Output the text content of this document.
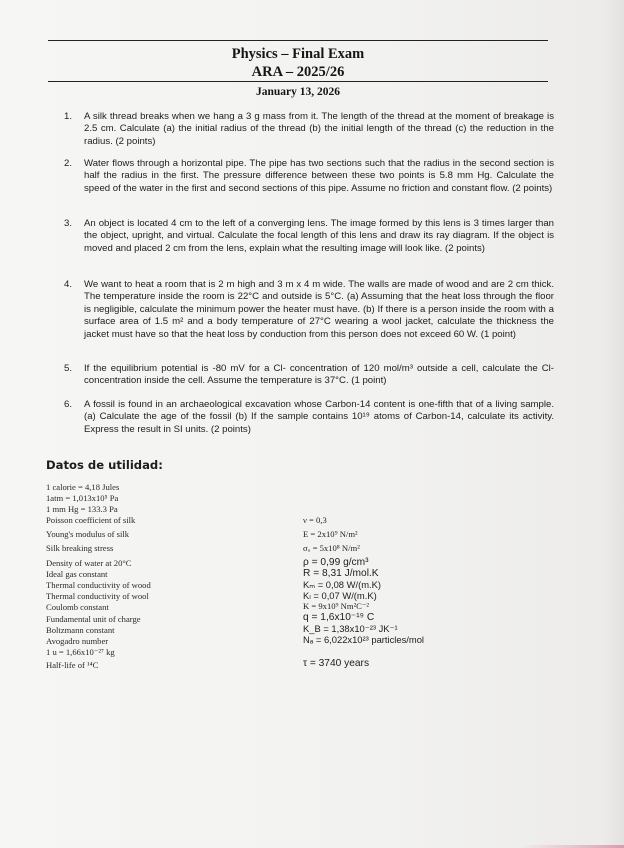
Physics – Final Exam
ARA – 2025/26
January 13, 2026
1.	A silk thread breaks when we hang a 3 g mass from it. The length of the thread at the moment of breakage is 2.5 cm. Calculate (a) the initial radius of the thread (b) the initial length of the thread (c) the reduction in the radius. (2 points)
2.	Water flows through a horizontal pipe. The pipe has two sections such that the radius in the second section is half the radius in the first. The pressure difference between these two points is 5.8 mm Hg. Calculate the speed of the water in the first and second sections of this pipe. Assume no friction and constant flow. (2 points)
3.	An object is located 4 cm to the left of a converging lens. The image formed by this lens is 3 times larger than the object, upright, and virtual. Calculate the focal length of this lens and draw its ray diagram. If the object is moved and placed 2 cm from the lens, explain what the resulting image will look like. (2 points)
4.	We want to heat a room that is 2 m high and 3 m x 4 m wide. The walls are made of wood and are 2 cm thick. The temperature inside the room is 22°C and outside is 5°C. (a) Assuming that the heat loss through the floor is negligible, calculate the minimum power the heater must have. (b) If there is a person inside the room with a surface area of 1.5 m² and a body temperature of 27°C wearing a wool jacket, calculate the thickness the jacket must have so that the heat loss by conduction from this person does not exceed 60 W. (1 point)
5.	If the equilibrium potential is -80 mV for a Cl- concentration of 120 mol/m³ outside a cell, calculate the Cl- concentration inside the cell. Assume the temperature is 37°C. (1 point)
6.	A fossil is found in an archaeological excavation whose Carbon-14 content is one-fifth that of a living sample. (a) Calculate the age of the fossil (b) If the sample contains 10¹⁹ atoms of Carbon-14, calculate its activity. Express the result in SI units. (2 points)
Datos de utilidad:
1 calorie = 4,18 Jules
1atm = 1,013x10⁵ Pa
1 mm Hg = 133.3 Pa
Poisson coefficient of silk	ν = 0,3
Young's modulus of silk	E = 2x10⁹ N/m²
Silk breaking stress	σᵤ = 5x10⁸ N/m²
Density of water at 20°C	ρ = 0,99 g/cm³
Ideal gas constant	R = 8,31 J/mol.K
Thermal conductivity of wood	Kₘ = 0,08 W/(m.K)
Thermal conductivity of wool	Kₗ = 0,07 W/(m.K)
Coulomb constant	K = 9x10⁹ Nm²C⁻²
Fundamental unit of charge	q = 1,6x10⁻¹⁹ C
Boltzmann constant	K_B = 1,38x10⁻²³ JK⁻¹
Avogadro number	Nₐ = 6,022x10²³ particles/mol
1 u = 1,66x10⁻²⁷ kg
Half-life of ¹⁴C	τ = 3740 years
